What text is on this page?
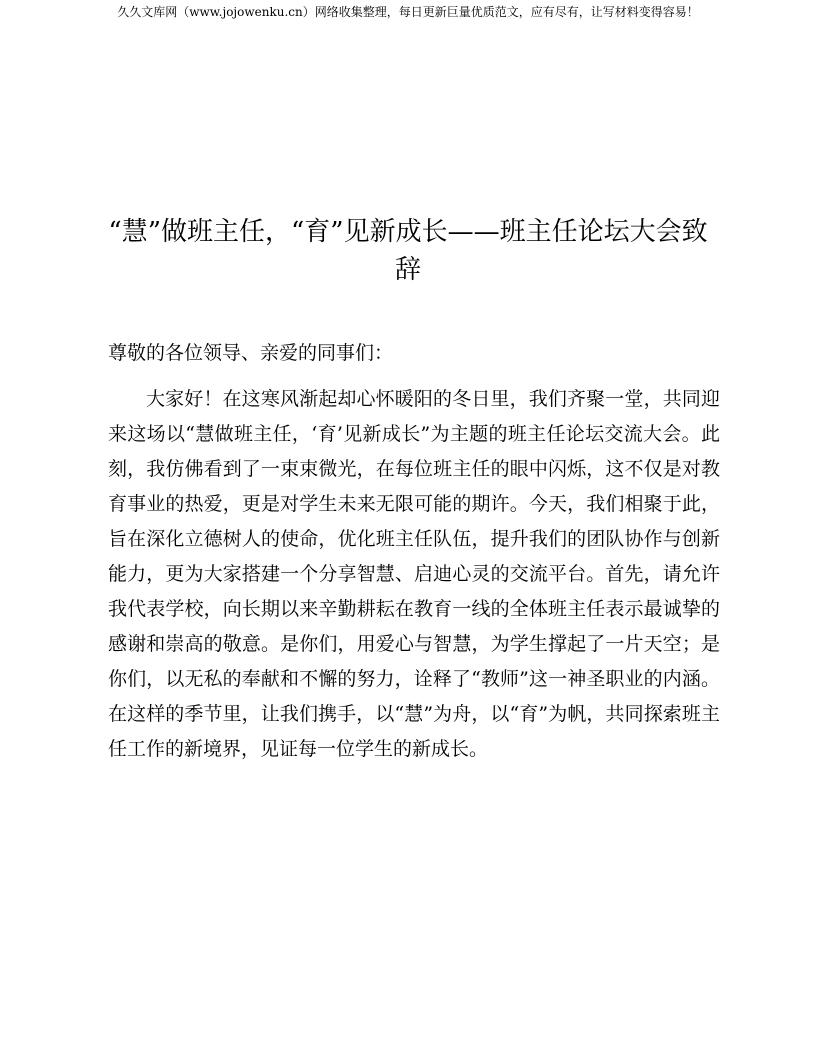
久久文库网（www.jojowenku.cn）网络收集整理，每日更新巨量优质范文，应有尽有，让写材料变得容易！
“慧”做班主任，“育”见新成长——班主任论坛大会致辞

尊敬的各位领导、亲爱的同事们：

大家好！在这寒风渐起却心怀暖阳的冬日里，我们齐聚一堂，共同迎来这场以“慧做班主任，‘育’见新成长”为主题的班主任论坛交流大会。此刻，我仿佛看到了一束束微光，在每位班主任的眼中闪烁，这不仅是对教育事业的热爱，更是对学生未来无限可能的期许。今天，我们相聚于此，旨在深化立德树人的使命，优化班主任队伍，提升我们的团队协作与创新能力，更为大家搭建一个分享智慧、启迪心灵的交流平台。首先，请允许我代表学校，向长期以来辛勤耕耘在教育一线的全体班主任表示最诚挚的感谢和崇高的敬意。是你们，用爱心与智慧，为学生撑起了一片天空；是你们，以无私的奉献和不懈的努力，诠释了“教师”这一神圣职业的内涵。在这样的季节里，让我们携手，以“慧”为舟，以“育”为帆，共同探索班主任工作的新境界，见证每一位学生的新成长。
